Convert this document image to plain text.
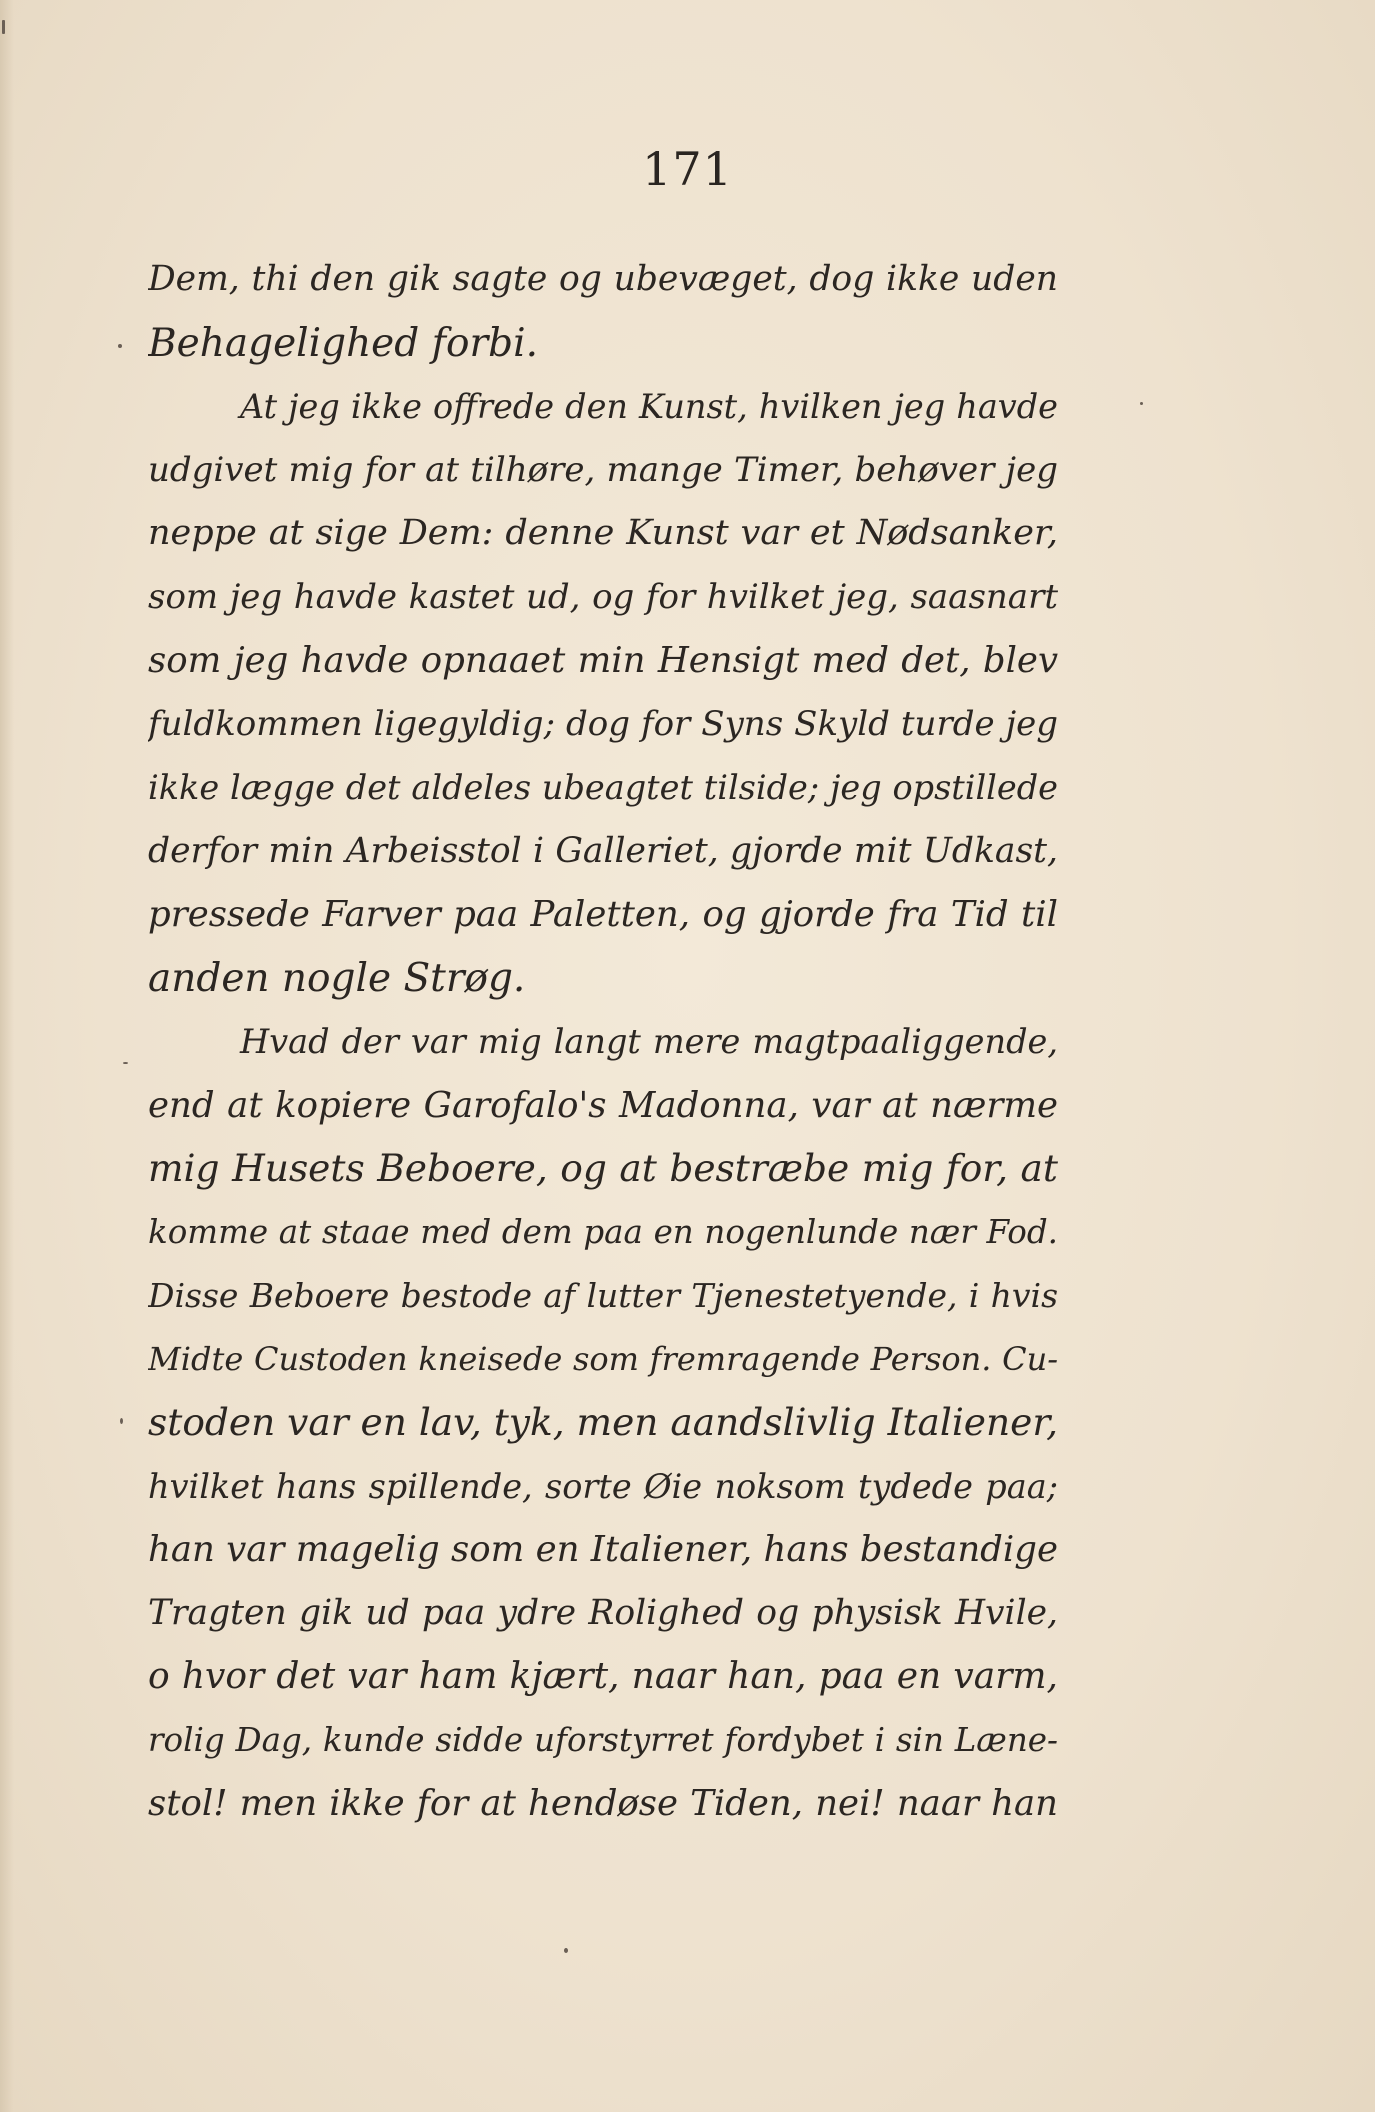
171
Dem, thi den gik sagte og ubevæget, dog ikke uden
Behagelighed forbi.
At jeg ikke offrede den Kunst, hvilken jeg havde
udgivet mig for at tilhøre, mange Timer, behøver jeg
neppe at sige Dem: denne Kunst var et Nødsanker,
som jeg havde kastet ud, og for hvilket jeg, saasnart
som jeg havde opnaaet min Hensigt med det, blev
fuldkommen ligegyldig; dog for Syns Skyld turde jeg
ikke lægge det aldeles ubeagtet tilside; jeg opstillede
derfor min Arbeisstol i Galleriet, gjorde mit Udkast,
pressede Farver paa Paletten, og gjorde fra Tid til
anden nogle Strøg.
Hvad der var mig langt mere magtpaaliggende,
end at kopiere Garofalo's Madonna, var at nærme
mig Husets Beboere, og at bestræbe mig for, at
komme at staae med dem paa en nogenlunde nær Fod.
Disse Beboere bestode af lutter Tjenestetyende, i hvis
Midte Custoden kneisede som fremragende Person. Cu-
stoden var en lav, tyk, men aandslivlig Italiener,
hvilket hans spillende, sorte Øie noksom tydede paa;
han var magelig som en Italiener, hans bestandige
Tragten gik ud paa ydre Rolighed og physisk Hvile,
o hvor det var ham kjært, naar han, paa en varm,
rolig Dag, kunde sidde uforstyrret fordybet i sin Læne-
stol! men ikke for at hendøse Tiden, nei! naar han
